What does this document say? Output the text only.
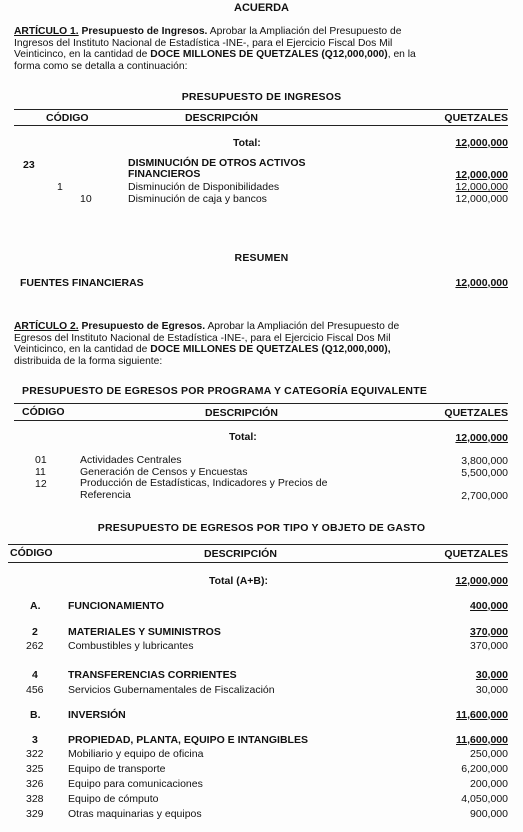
ACUERDA
ARTÍCULO 1. Presupuesto de Ingresos. Aprobar la Ampliación del Presupuesto de
Ingresos del Instituto Nacional de Estadística -INE-, para el Ejercicio Fiscal Dos Mil
Veinticinco, en la cantidad de DOCE MILLONES DE QUETZALES (Q12,000,000), en la
forma como se detalla a continuación:
PRESUPUESTO DE INGRESOS
CÓDIGO	DESCRIPCIÓN	QUETZALES
Total:	12,000,000
23	DISMINUCIÓN DE OTROS ACTIVOS
FINANCIEROS	12,000,000
1	Disminución de Disponibilidades	12,000,000
10	Disminución de caja y bancos	12,000,000
RESUMEN
FUENTES FINANCIERAS	12,000,000
ARTÍCULO 2. Presupuesto de Egresos. Aprobar la Ampliación del Presupuesto de
Egresos del Instituto Nacional de Estadística -INE-, para el Ejercicio Fiscal Dos Mil
Veinticinco, en la cantidad de DOCE MILLONES DE QUETZALES (Q12,000,000),
distribuida de la forma siguiente:
PRESUPUESTO DE EGRESOS POR PROGRAMA Y CATEGORÍA EQUIVALENTE
CÓDIGO	DESCRIPCIÓN	QUETZALES
Total:	12,000,000
01	Actividades Centrales	3,800,000
11	Generación de Censos y Encuestas	5,500,000
12	Producción de Estadísticas, Indicadores y Precios de
Referencia	2,700,000
PRESUPUESTO DE EGRESOS POR TIPO Y OBJETO DE GASTO
CÓDIGO	DESCRIPCIÓN	QUETZALES
Total (A+B):	12,000,000
A.	FUNCIONAMIENTO	400,000
2	MATERIALES Y SUMINISTROS	370,000
262 Combustibles y lubricantes	370,000
4	TRANSFERENCIAS CORRIENTES	30,000
456 Servicios Gubernamentales de Fiscalización	30,000
B.	INVERSIÓN	11,600,000
3	PROPIEDAD, PLANTA, EQUIPO E INTANGIBLES	11,600,000
322 Mobiliario y equipo de oficina	250,000
325 Equipo de transporte	6,200,000
326 Equipo para comunicaciones	200,000
328 Equipo de cómputo	4,050,000
329 Otras maquinarias y equipos	900,000
